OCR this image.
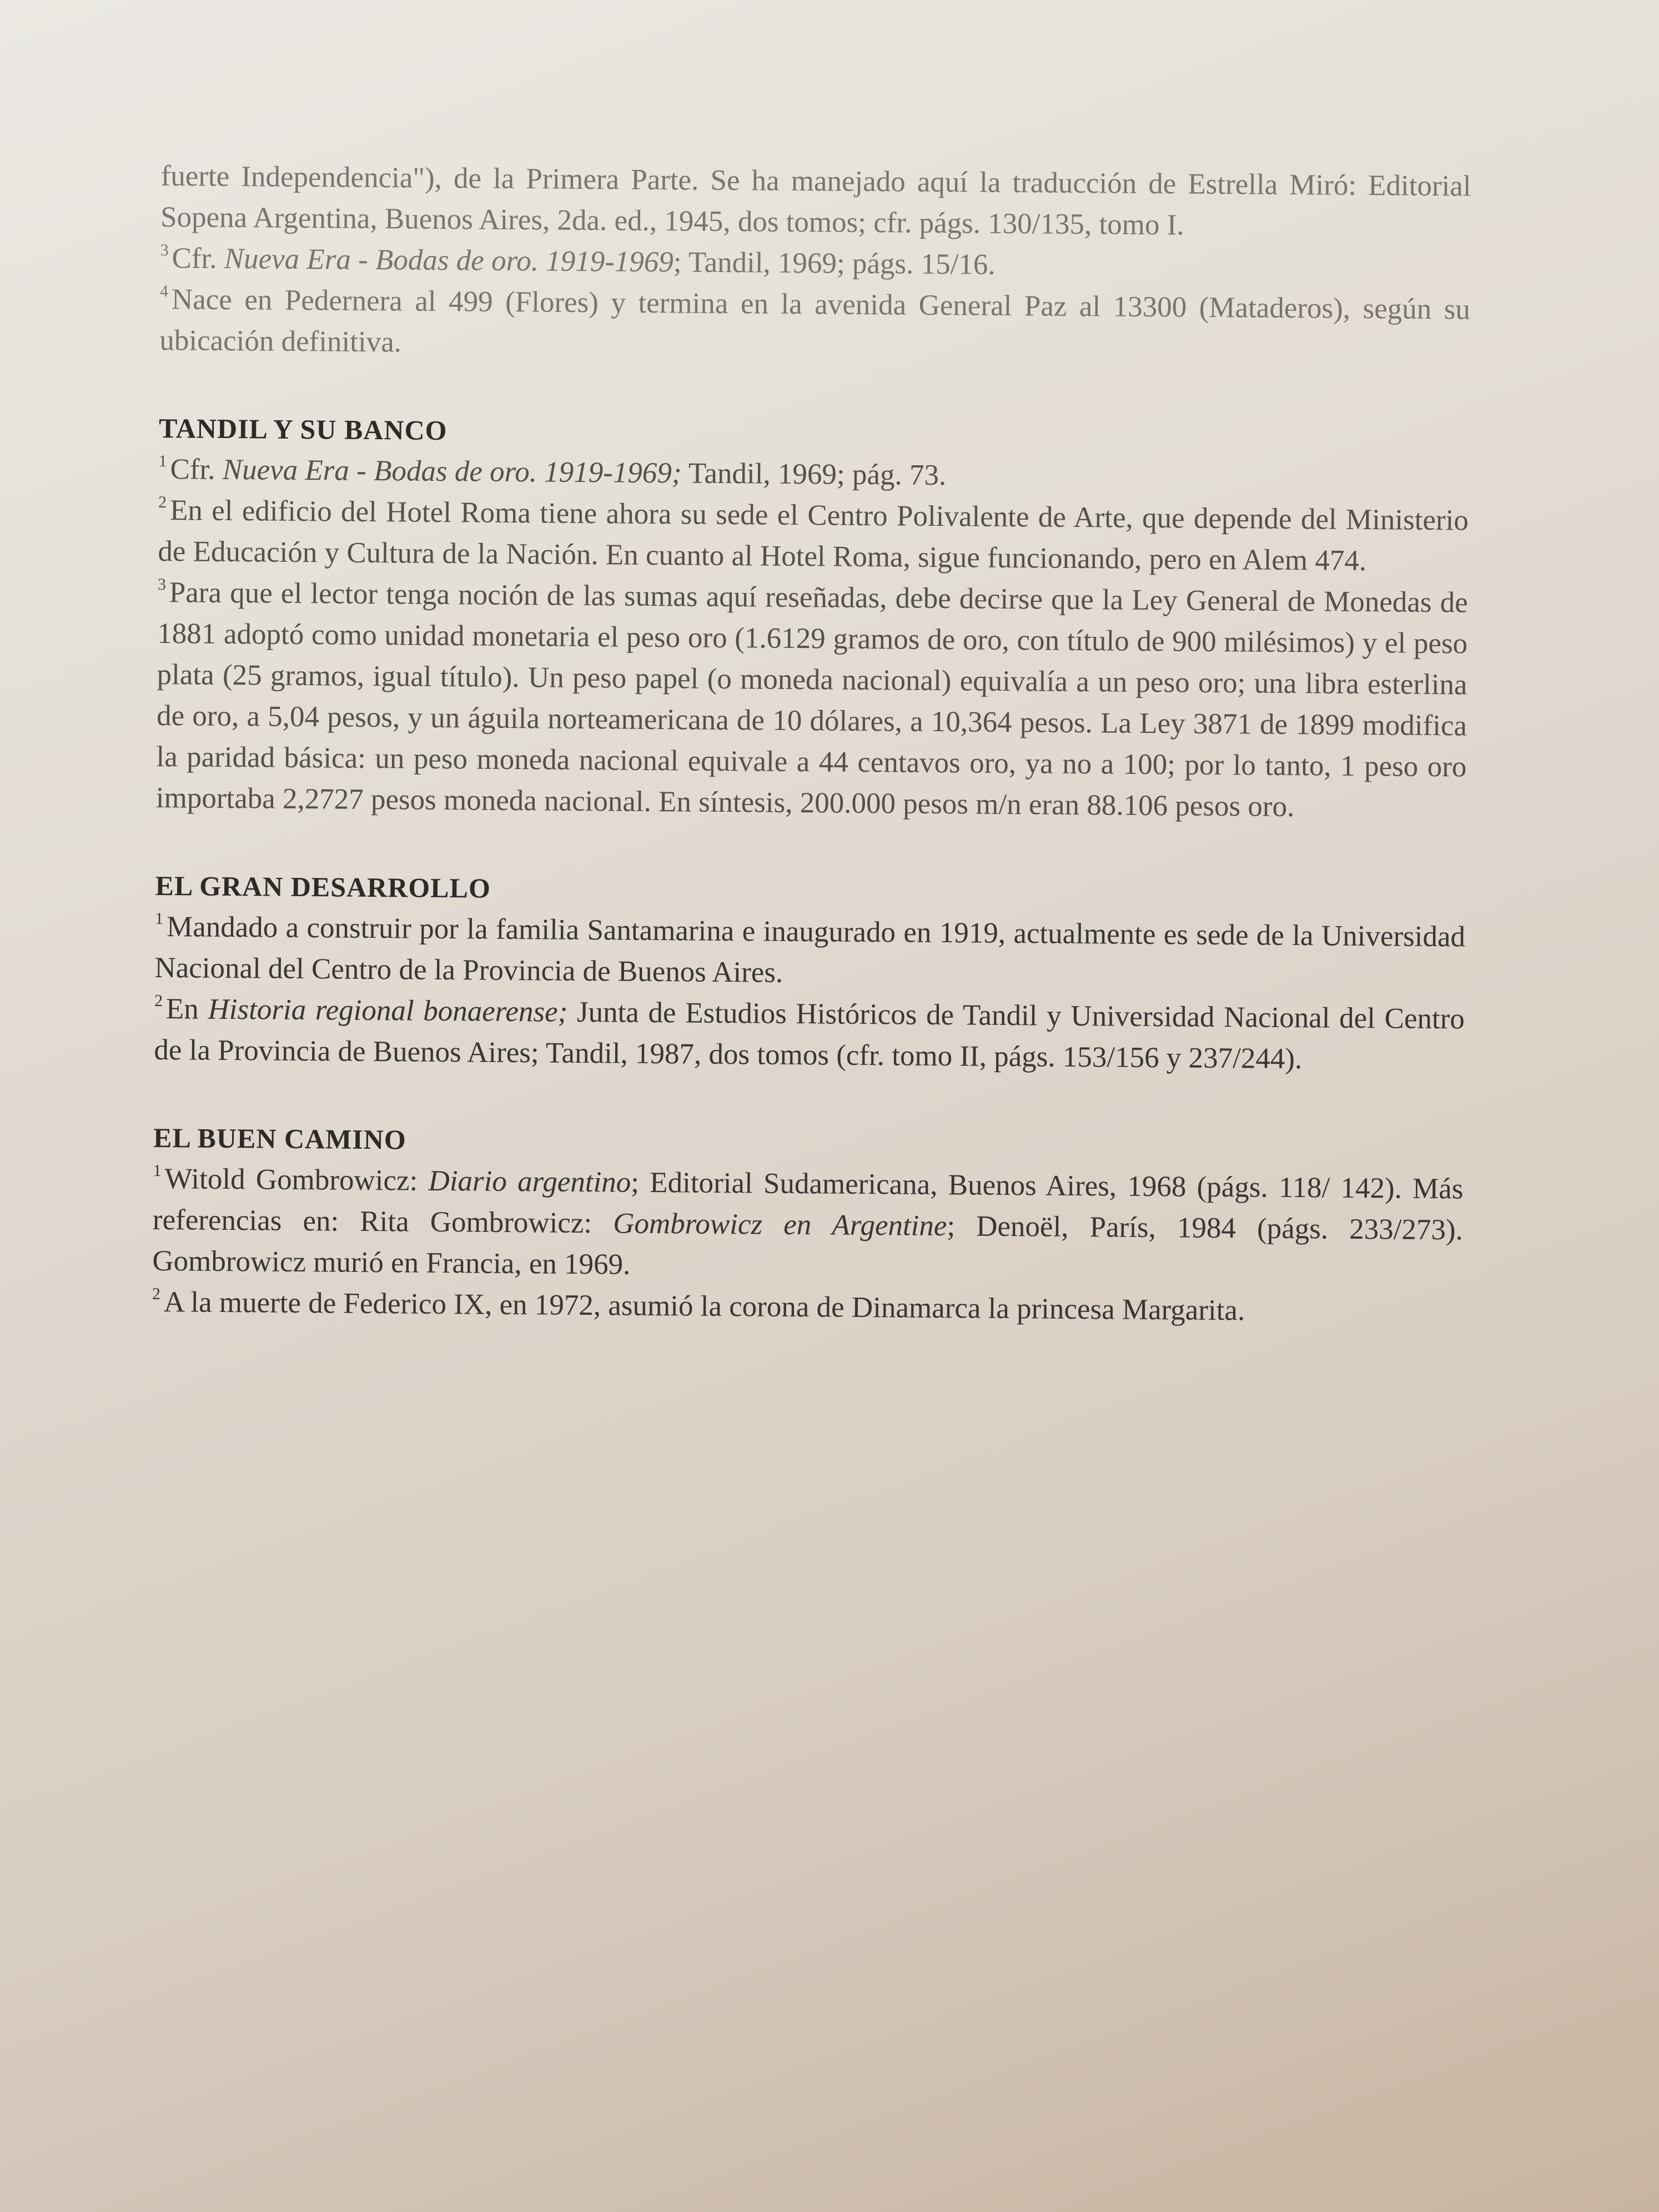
fuerte Independencia"), de la Primera Parte. Se ha manejado aquí la traducción de Estrella Miró: Editorial Sopena Argentina, Buenos Aires, 2da. ed., 1945, dos tomos; cfr. págs. 130/135, tomo I.

$^3$ Cfr. Nueva Era - Bodas de oro. 1919-1969; Tandil, 1969; págs. 15/16.

$^4$ Nace en Pedernera al 499 (Flores) y termina en la avenida General Paz al 13300 (Mataderos), según su ubicación definitiva.

TANDIL Y SU BANCO

$^1$ Cfr. Nueva Era - Bodas de oro. 1919-1969; Tandil, 1969; pág. 73.

$^2$ En el edificio del Hotel Roma tiene ahora su sede el Centro Polivalente de Arte, que depende del Ministerio de Educación y Cultura de la Nación. En cuanto al Hotel Roma, sigue funcionando, pero en Alem 474.

$^3$ Para que el lector tenga noción de las sumas aquí reseñadas, debe decirse que la Ley General de Monedas de 1881 adoptó como unidad monetaria el peso oro (1.6129 gramos de oro, con título de 900 milésimos) y el peso plata (25 gramos, igual título). Un peso papel (o moneda nacional) equivalía a un peso oro; una libra esterlina de oro, a 5,04 pesos, y un águila norteamericana de 10 dólares, a 10,364 pesos. La Ley 3871 de 1899 modifica la paridad básica: un peso moneda nacional equivale a 44 centavos oro, ya no a 100; por lo tanto, 1 peso oro importaba 2,2727 pesos moneda nacional. En síntesis, 200.000 pesos m/n eran 88.106 pesos oro.

EL GRAN DESARROLLO

$^1$ Mandado a construir por la familia Santamarina e inaugurado en 1919, actualmente es sede de la Universidad Nacional del Centro de la Provincia de Buenos Aires.

$^2$ En Historia regional bonaerense; Junta de Estudios Históricos de Tandil y Universidad Nacional del Centro de la Provincia de Buenos Aires; Tandil, 1987, dos tomos (cfr. tomo II, págs. 153/156 y 237/244).

EL BUEN CAMINO

$^1$ Witold Gombrowicz: Diario argentino; Editorial Sudamericana, Buenos Aires, 1968 (págs. 118/ 142). Más referencias en: Rita Gombrowicz: Gombrowicz en Argentine; Denoël, París, 1984 (págs. 233/273). Gombrowicz murió en Francia, en 1969.

$^2$ A la muerte de Federico IX, en 1972, asumió la corona de Dinamarca la princesa Margarita.
